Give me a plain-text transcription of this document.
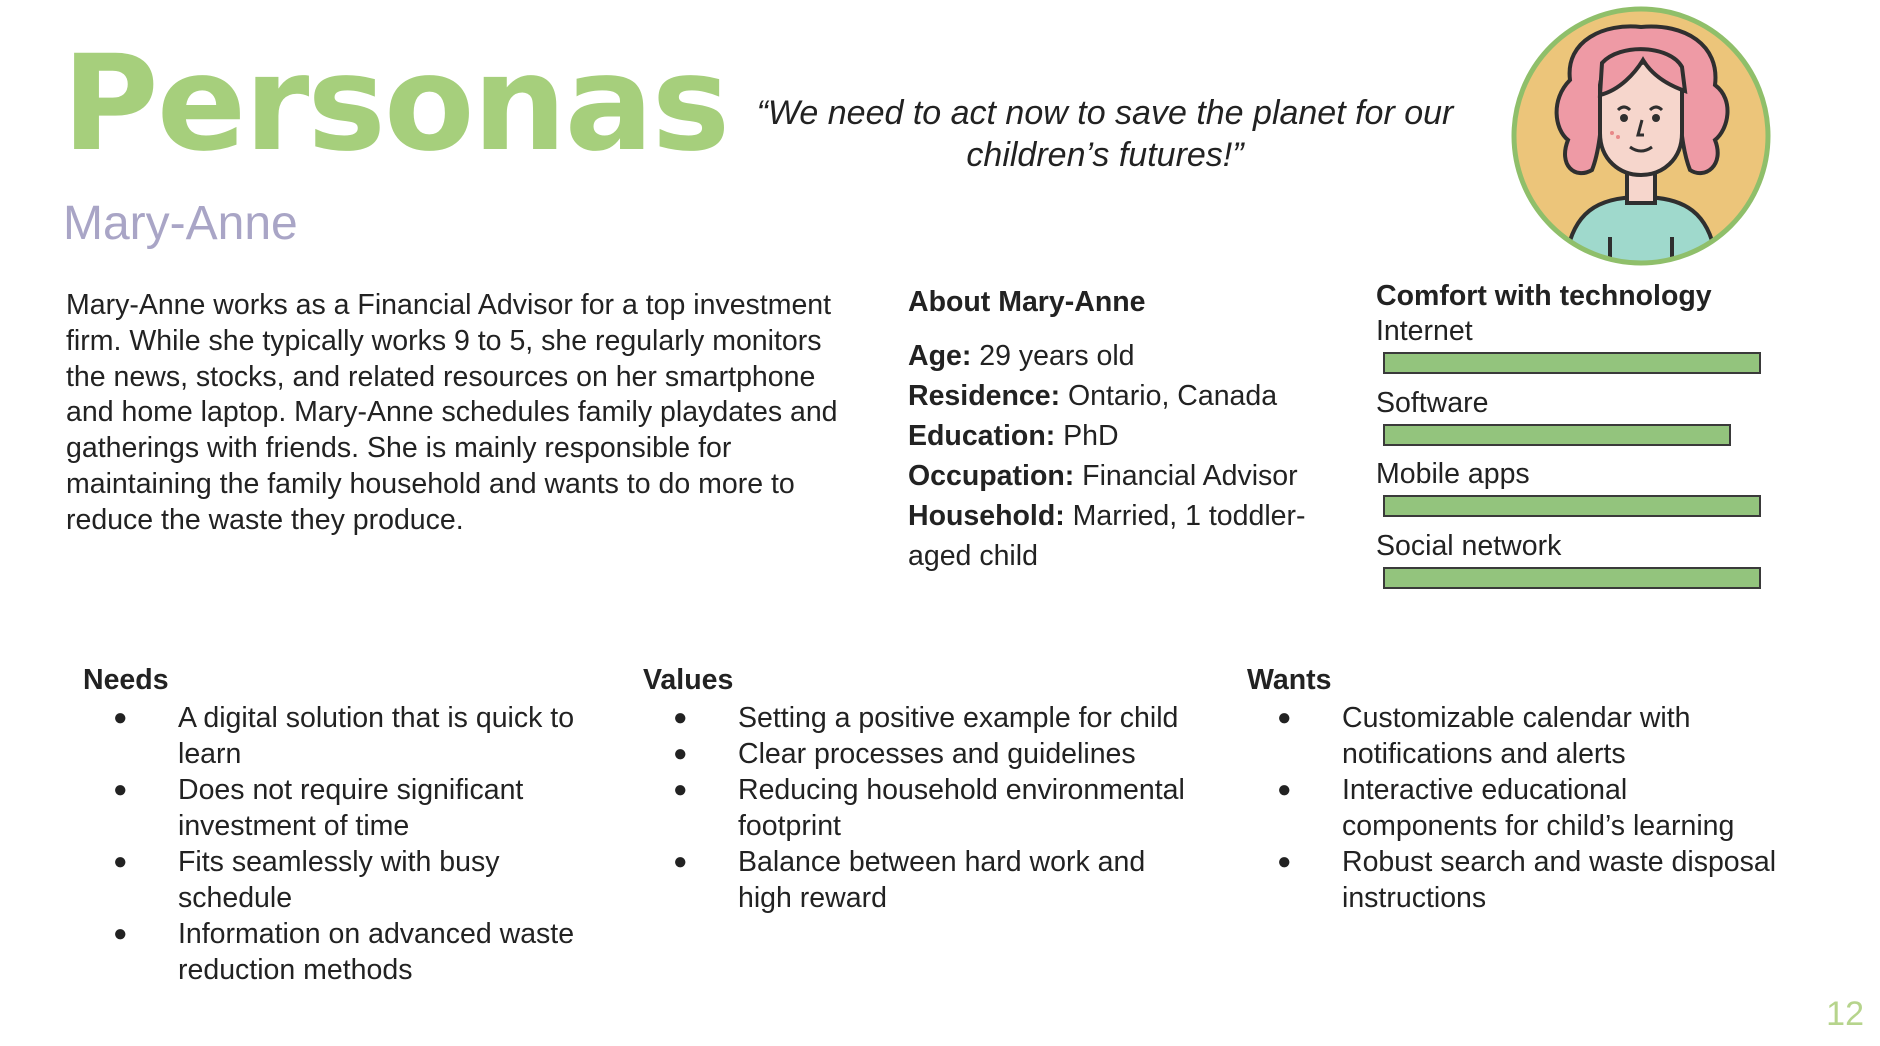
Personas
Mary-Anne
“We need to act now to save the planet for our children’s futures!”
Mary-Anne works as a Financial Advisor for a top investment firm. While she typically works 9 to 5, she regularly monitors the news, stocks, and related resources on her smartphone and home laptop. Mary-Anne schedules family playdates and gatherings with friends. She is mainly responsible for maintaining the family household and wants to do more to reduce the waste they produce.
About Mary-Anne
Age: 29 years old
Residence: Ontario, Canada
Education: PhD
Occupation: Financial Advisor
Household: Married, 1 toddler-aged child
Comfort with technology
Internet
Software
Mobile apps
Social network
Needs
● A digital solution that is quick to learn
● Does not require significant investment of time
● Fits seamlessly with busy schedule
● Information on advanced waste reduction methods
Values
● Setting a positive example for child
● Clear processes and guidelines
● Reducing household environmental footprint
● Balance between hard work and high reward
Wants
● Customizable calendar with notifications and alerts
● Interactive educational components for child’s learning
● Robust search and waste disposal instructions
12
